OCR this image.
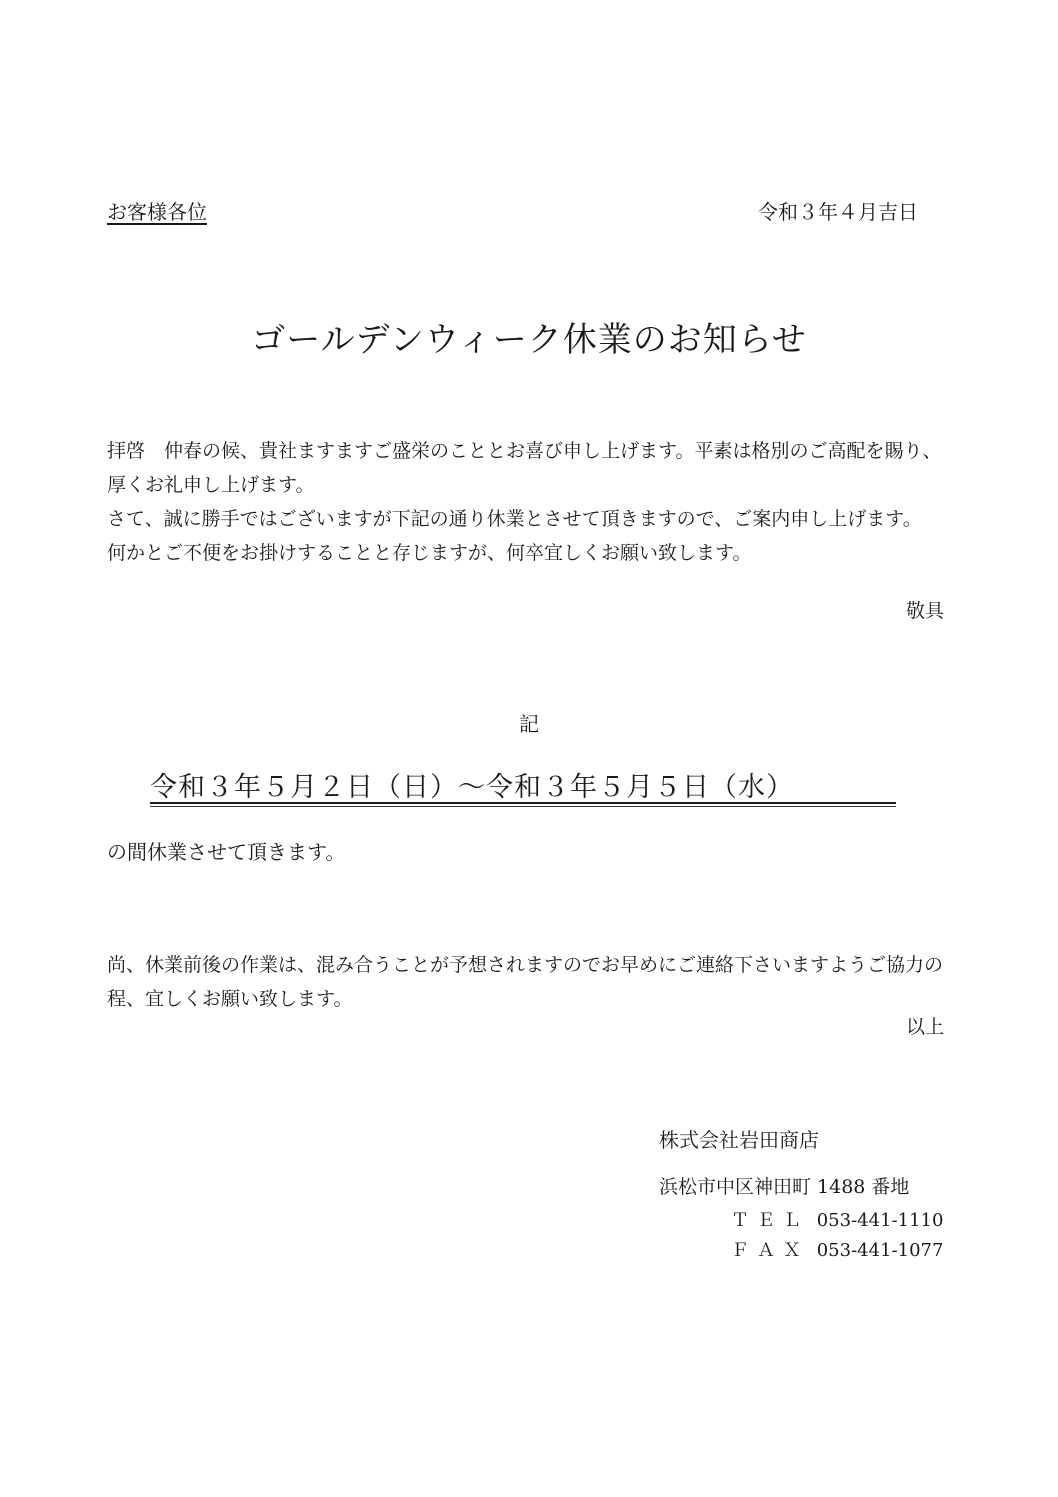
お客様各位	令和３年４月吉日
ゴールデンウィーク休業のお知らせ
拝啓　仲春の候、貴社ますますご盛栄のこととお喜び申し上げます。平素は格別のご高配を賜り、厚くお礼申し上げます。
さて、誠に勝手ではございますが下記の通り休業とさせて頂きますので、ご案内申し上げます。
何かとご不便をお掛けすることと存じますが、何卒宜しくお願い致します。
敬具
記
令和３年５月２日（日）～令和３年５月５日（水）
の間休業させて頂きます。
尚、休業前後の作業は、混み合うことが予想されますのでお早めにご連絡下さいますようご協力の程、宜しくお願い致します。
以上
株式会社岩田商店
浜松市中区神田町 1488 番地
ＴＥＬ 053-441-1110
ＦＡＸ 053-441-1077
